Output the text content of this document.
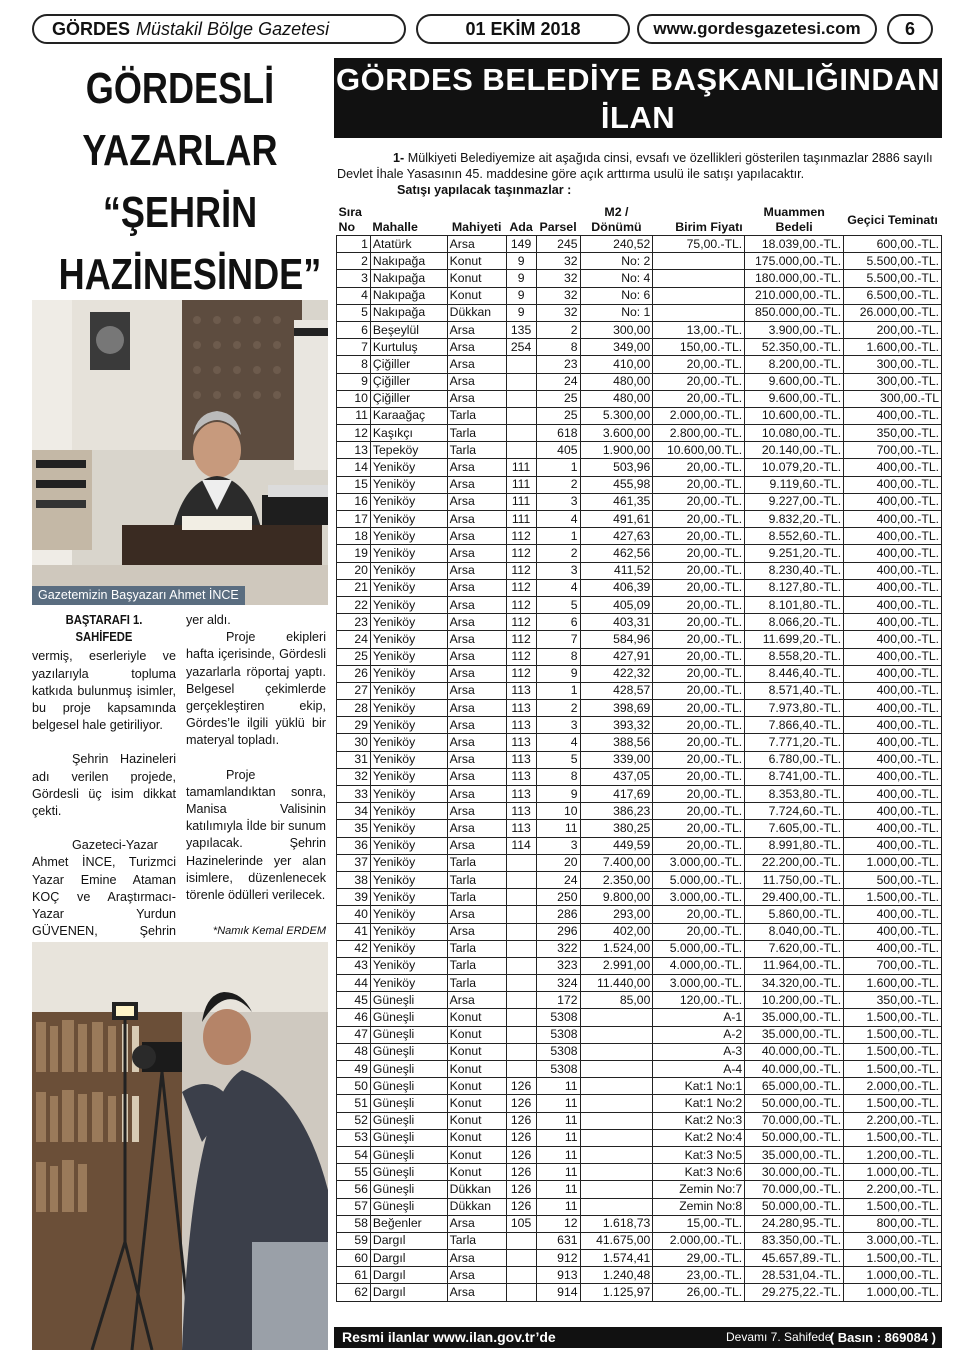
GÖRDES Müstakil Bölge Gazetesi	01 EKİM 2018	www.gordesgazetesi.com	6
GÖRDESLİ
YAZARLAR
“ŞEHRİN
HAZİNESİNDE”
Gazetemizin Başyazarı Ahmet İNCE
BAŞTARAFI 1. SAHİFEDE

vermiş, eserleriyle ve yazılarıyla topluma katkıda bulunmuş isimler, bu proje kapsamında belgesel hale getiriliyor.

Şehrin Hazineleri adı verilen projede, Gördesli üç isim dikkat çekti.

Gazeteci-Yazar Ahmet İNCE, Turizmci Yazar Emine Ataman KOÇ ve Araştırmacı-Yazar Yurdun GÜVENEN, Şehrin

yer aldı.

Proje ekipleri hafta içerisinde, Gördesli yazarlarla röportaj yaptı. Belgesel çekimlerde gerçekleştiren ekip, Gördes’le ilgili yüklü bir materyal topladı.

Proje tamamlandıktan sonra, Manisa Valisinin katılımıyla İlde bir sunum yapılacak. Şehrin Hazinelerinde yer alan isimlere, düzenlenecek törenle ödülleri verilecek.

*Namık Kemal ERDEM
GÖRDES BELEDİYE BAŞKANLIĞINDAN İLAN

1- Mülkiyeti Belediyemize ait aşağıda cinsi, evsafı ve özellikleri gösterilen taşınmazlar 2886 sayılı Devlet İhale Yasasının 45. maddesine göre açık arttırma usulü ile satışı yapılacaktır.

Satışı yapılacak taşınmazlar :

Sıra No	Mahalle	Mahiyeti	Ada	Parsel	M2 / Dönümü	Birim Fiyatı	Muammen Bedeli	Geçici Teminatı
1	Atatürk	Arsa	149	245	240,52	75,00.-TL.	18.039,00.-TL.	600,00.-TL.
2	Nakıpağa	Konut	9	32	No: 2		175.000,00.-TL.	5.500,00.-TL.
3	Nakıpağa	Konut	9	32	No: 4		180.000,00.-TL.	5.500,00.-TL.
4	Nakıpağa	Konut	9	32	No: 6		210.000,00.-TL.	6.500,00.-TL.
5	Nakıpağa	Dükkan	9	32	No: 1		850.000,00.-TL.	26.000,00.-TL.
6	Beşeylül	Arsa	135	2	300,00	13,00.-TL.	3.900,00.-TL.	200,00.-TL.
7	Kurtuluş	Arsa	254	8	349,00	150,00.-TL.	52.350,00.-TL.	1.600,00.-TL.
8	Çiğiller	Arsa		23	410,00	20,00.-TL.	8.200,00.-TL.	300,00.-TL.
9	Çiğiller	Arsa		24	480,00	20,00.-TL.	9.600,00.-TL.	300,00.-TL.
10	Çiğiller	Arsa		25	480,00	20,00.-TL.	9.600,00.-TL.	300,00.-TL
11	Karaağaç	Tarla		25	5.300,00	2.000,00.-TL.	10.600,00.-TL.	400,00.-TL.
12	Kaşıkçı	Tarla		618	3.600,00	2.800,00.-TL.	10.080,00.-TL.	350,00.-TL.
13	Tepeköy	Tarla		405	1.900,00	10.600,00.TL.	20.140,00.-TL.	700,00.-TL.
14	Yeniköy	Arsa	111	1	503,96	20,00.-TL.	10.079,20.-TL.	400,00.-TL.
15	Yeniköy	Arsa	111	2	455,98	20,00.-TL.	9.119,60.-TL.	400,00.-TL.
16	Yeniköy	Arsa	111	3	461,35	20,00.-TL.	9.227,00.-TL.	400,00.-TL.
17	Yeniköy	Arsa	111	4	491,61	20,00.-TL.	9.832,20.-TL.	400,00.-TL.
18	Yeniköy	Arsa	112	1	427,63	20,00.-TL.	8.552,60.-TL.	400,00.-TL.
19	Yeniköy	Arsa	112	2	462,56	20,00.-TL.	9.251,20.-TL.	400,00.-TL.
20	Yeniköy	Arsa	112	3	411,52	20,00.-TL.	8.230,40.-TL.	400,00.-TL.
21	Yeniköy	Arsa	112	4	406,39	20,00.-TL.	8.127,80.-TL.	400,00.-TL.
22	Yeniköy	Arsa	112	5	405,09	20,00.-TL.	8.101,80.-TL.	400,00.-TL.
23	Yeniköy	Arsa	112	6	403,31	20,00.-TL.	8.066,20.-TL.	400,00.-TL.
24	Yeniköy	Arsa	112	7	584,96	20,00.-TL.	11.699,20.-TL.	400,00.-TL.
25	Yeniköy	Arsa	112	8	427,91	20,00.-TL.	8.558,20.-TL.	400,00.-TL.
26	Yeniköy	Arsa	112	9	422,32	20,00.-TL.	8.446,40.-TL.	400,00.-TL.
27	Yeniköy	Arsa	113	1	428,57	20,00.-TL.	8.571,40.-TL.	400,00.-TL.
28	Yeniköy	Arsa	113	2	398,69	20,00.-TL.	7.973,80.-TL.	400,00.-TL.
29	Yeniköy	Arsa	113	3	393,32	20,00.-TL.	7.866,40.-TL.	400,00.-TL.
30	Yeniköy	Arsa	113	4	388,56	20,00.-TL.	7.771,20.-TL.	400,00.-TL.
31	Yeniköy	Arsa	113	5	339,00	20,00.-TL.	6.780,00.-TL.	400,00.-TL.
32	Yeniköy	Arsa	113	8	437,05	20,00.-TL.	8.741,00.-TL.	400,00.-TL.
33	Yeniköy	Arsa	113	9	417,69	20,00.-TL.	8.353,80.-TL.	400,00.-TL.
34	Yeniköy	Arsa	113	10	386,23	20,00.-TL.	7.724,60.-TL.	400,00.-TL.
35	Yeniköy	Arsa	113	11	380,25	20,00.-TL.	7.605,00.-TL.	400,00.-TL.
36	Yeniköy	Arsa	114	3	449,59	20,00.-TL.	8.991,80.-TL.	400,00.-TL.
37	Yeniköy	Tarla		20	7.400,00	3.000,00.-TL.	22.200,00.-TL.	1.000,00.-TL.
38	Yeniköy	Tarla		24	2.350,00	5.000,00.-TL.	11.750,00.-TL.	500,00.-TL.
39	Yeniköy	Tarla		250	9.800,00	3.000,00.-TL.	29.400,00.-TL.	1.500,00.-TL.
40	Yeniköy	Arsa		286	293,00	20,00.-TL.	5.860,00.-TL.	400,00.-TL.
41	Yeniköy	Arsa		296	402,00	20,00.-TL.	8.040,00.-TL.	400,00.-TL.
42	Yeniköy	Tarla		322	1.524,00	5.000,00.-TL.	7.620,00.-TL.	400,00.-TL.
43	Yeniköy	Tarla		323	2.991,00	4.000,00.-TL.	11.964,00.-TL.	700,00.-TL.
44	Yeniköy	Tarla		324	11.440,00	3.000,00.-TL.	34.320,00.-TL.	1.600,00.-TL.
45	Güneşli	Arsa		172	85,00	120,00.-TL.	10.200,00.-TL.	350,00.-TL.
46	Güneşli	Konut		5308		A-1	35.000,00.-TL.	1.500,00.-TL.
47	Güneşli	Konut		5308		A-2	35.000,00.-TL.	1.500,00.-TL.
48	Güneşli	Konut		5308		A-3	40.000,00.-TL.	1.500,00.-TL.
49	Güneşli	Konut		5308		A-4	40.000,00.-TL.	1.500,00.-TL.
50	Güneşli	Konut	126	11		Kat:1 No:1	65.000,00.-TL.	2.000,00.-TL.
51	Güneşli	Konut	126	11		Kat:1 No:2	50.000,00.-TL.	1.500,00.-TL.
52	Güneşli	Konut	126	11		Kat:2 No:3	70.000,00.-TL.	2.200,00.-TL.
53	Güneşli	Konut	126	11		Kat:2 No:4	50.000,00.-TL.	1.500,00.-TL.
54	Güneşli	Konut	126	11		Kat:3 No:5	35.000,00.-TL.	1.200,00.-TL.
55	Güneşli	Konut	126	11		Kat:3 No:6	30.000,00.-TL.	1.000,00.-TL.
56	Güneşli	Dükkan	126	11		Zemin No:7	70.000,00.-TL.	2.200,00.-TL.
57	Güneşli	Dükkan	126	11		Zemin No:8	50.000,00.-TL.	1.500,00.-TL.
58	Beğenler	Arsa	105	12	1.618,73	15,00.-TL.	24.280,95.-TL.	800,00.-TL.
59	Dargıl	Tarla		631	41.675,00	2.000,00.-TL.	83.350,00.-TL.	3.000,00.-TL.
60	Dargıl	Arsa		912	1.574,41	29,00.-TL.	45.657,89.-TL.	1.500,00.-TL.
61	Dargıl	Arsa		913	1.240,48	23,00.-TL.	28.531,04.-TL.	1.000,00.-TL.
62	Dargıl	Arsa		914	1.125,97	26,00.-TL.	29.275,22.-TL.	1.000,00.-TL.
Resmi ilanlar www.ilan.gov.tr’de	Devamı 7. Sahifede
( Basın : 869084 )
